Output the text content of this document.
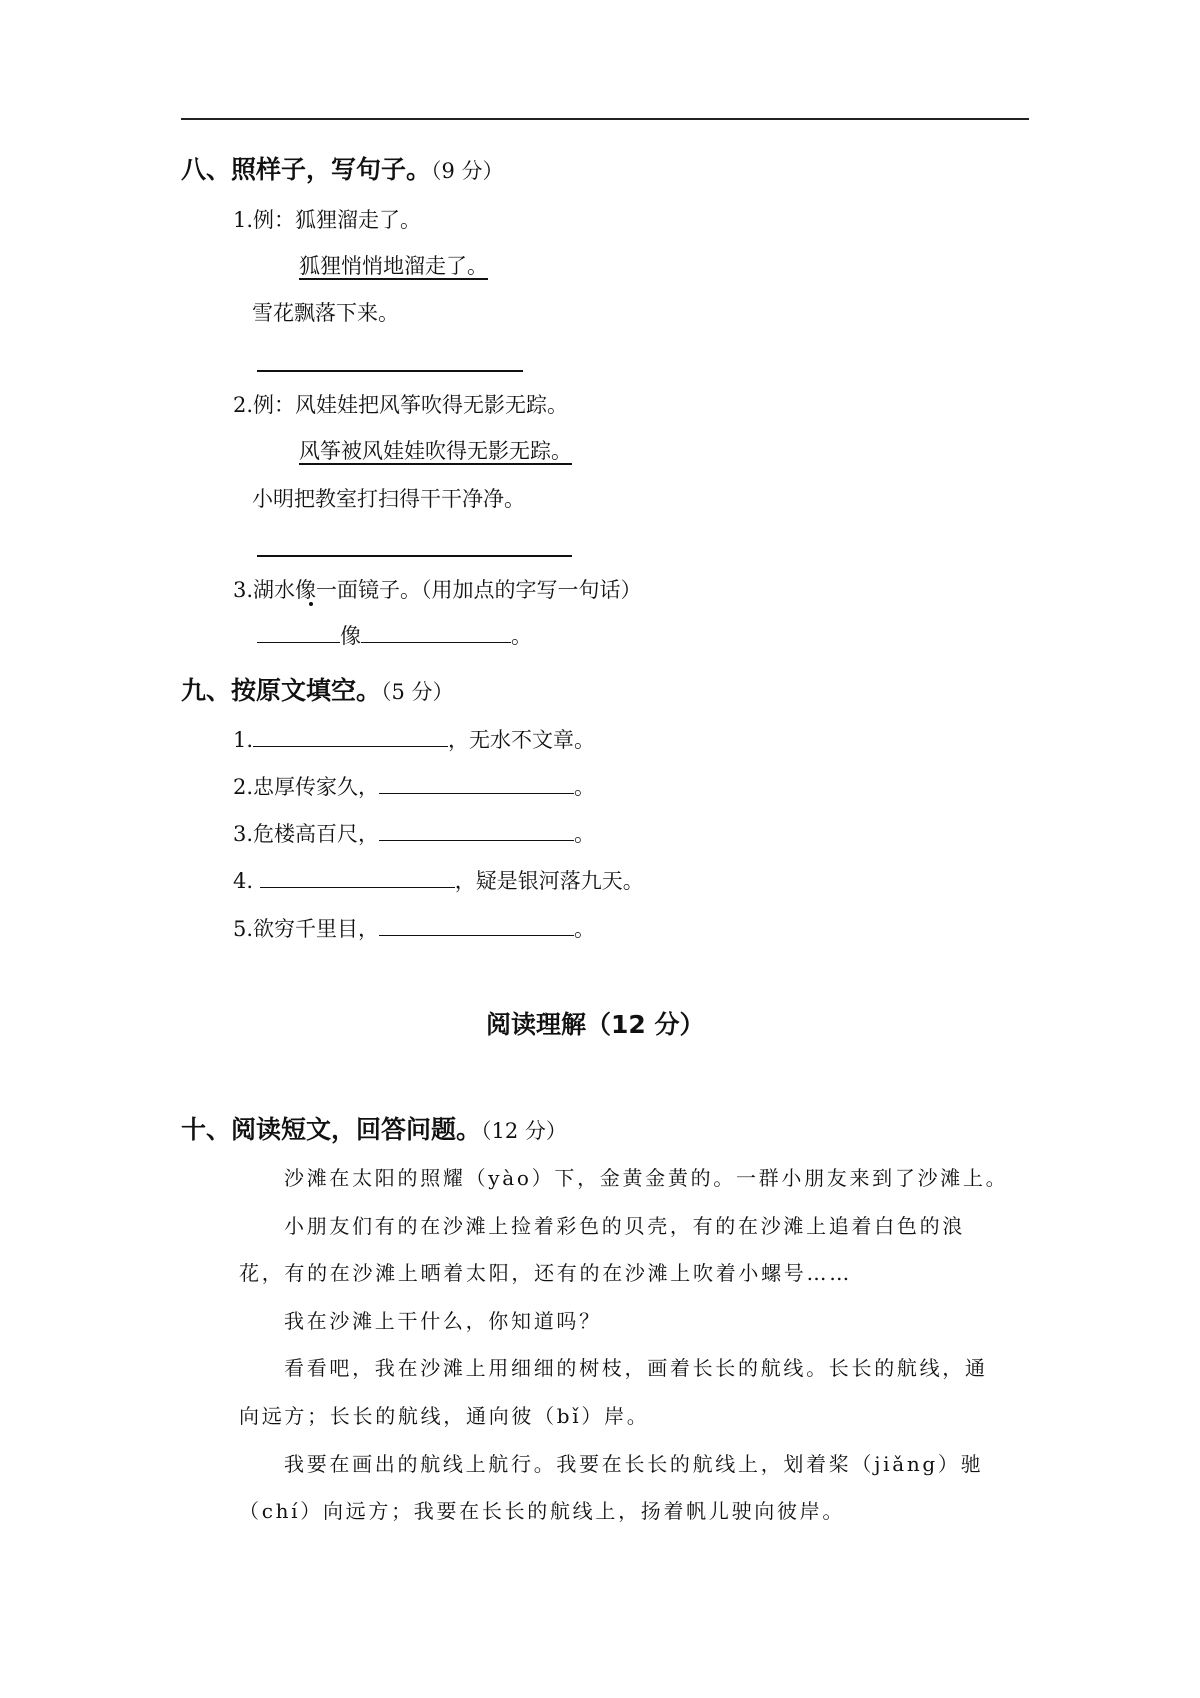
八、照样子，写句子。（9 分）
1.例：狐狸溜走了。
狐狸悄悄地溜走了。
雪花飘落下来。
2.例：风娃娃把风筝吹得无影无踪。
风筝被风娃娃吹得无影无踪。
小明把教室打扫得干干净净。
3.湖水像一面镜子。（用加点的字写一句话）
像	。
九、按原文填空。（5 分）
1.	，无水不文章。
2.忠厚传家久，	。
3.危楼高百尺，	。
4.	，疑是银河落九天。
5.欲穷千里目，	。
阅读理解（12 分）
十、阅读短文，回答问题。（12 分）
沙滩在太阳的照耀（yào）下，金黄金黄的。一群小朋友来到了沙滩上。
小朋友们有的在沙滩上捡着彩色的贝壳，有的在沙滩上追着白色的浪
花，有的在沙滩上晒着太阳，还有的在沙滩上吹着小螺号……
我在沙滩上干什么，你知道吗？
看看吧，我在沙滩上用细细的树枝，画着长长的航线。长长的航线，通
向远方；长长的航线，通向彼（bǐ）岸。
我要在画出的航线上航行。我要在长长的航线上，划着桨（jiǎng）驰
（chí）向远方；我要在长长的航线上，扬着帆儿驶向彼岸。
